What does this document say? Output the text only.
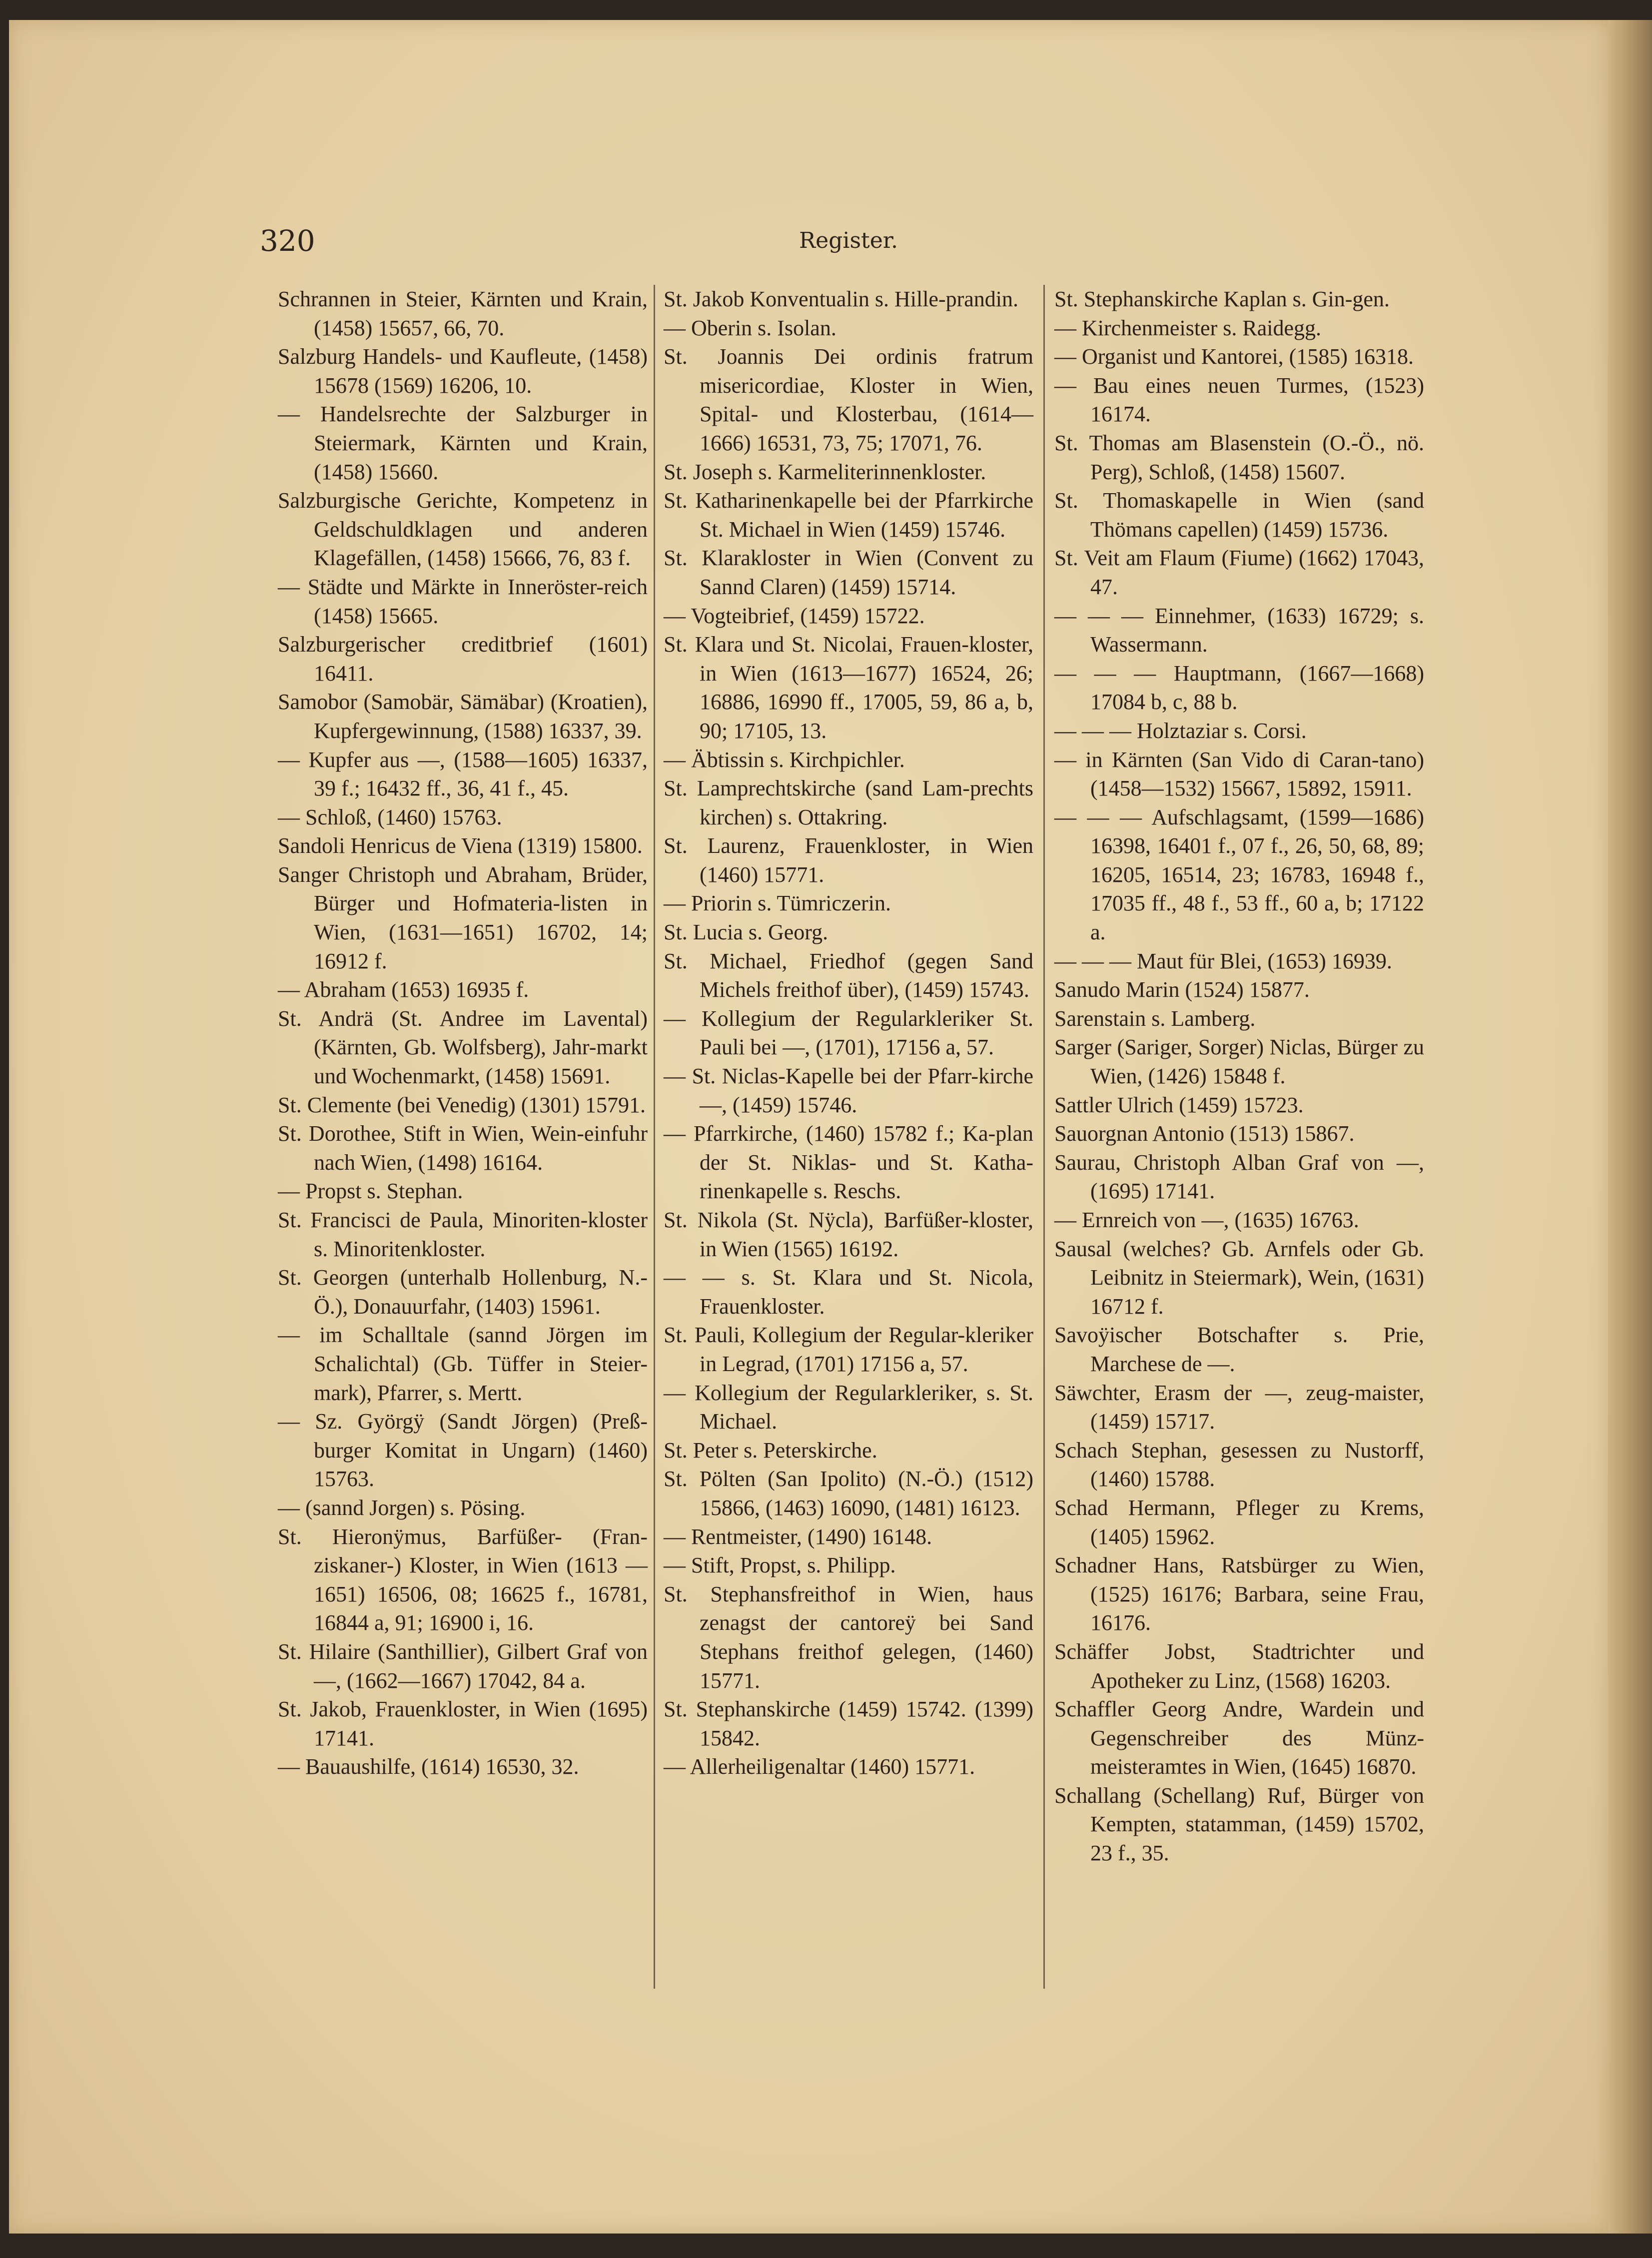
320	Register.

Schrannen in Steier, Kärnten und Krain, (1458) 15657, 66, 70.

Salzburg Handels- und Kaufleute, (1458) 15678 (1569) 16206, 10.

— Handelsrechte der Salzburger in Steiermark, Kärnten und Krain, (1458) 15660.

Salzburgische Gerichte, Kompetenz in Geldschuldklagen und anderen Klagefällen, (1458) 15666, 76, 83 f.

— Städte und Märkte in Inneröster-reich (1458) 15665.

Salzburgerischer creditbrief (1601) 16411.

Samobor (Samobär, Sämäbar) (Kroatien), Kupfergewinnung, (1588) 16337, 39.

— Kupfer aus —, (1588—1605) 16337, 39 f.; 16432 ff., 36, 41 f., 45.

— Schloß, (1460) 15763.

Sandoli Henricus de Viena (1319) 15800.

Sanger Christoph und Abraham, Brüder, Bürger und Hofmateria-listen in Wien, (1631—1651) 16702, 14; 16912 f.

— Abraham (1653) 16935 f.

St. Andrä (St. Andree im Lavental) (Kärnten, Gb. Wolfsberg), Jahr-markt und Wochenmarkt, (1458) 15691.

St. Clemente (bei Venedig) (1301) 15791.

St. Dorothee, Stift in Wien, Wein-einfuhr nach Wien, (1498) 16164.

— Propst s. Stephan.

St. Francisci de Paula, Minoriten-kloster s. Minoritenkloster.

St. Georgen (unterhalb Hollenburg, N.-Ö.), Donauurfahr, (1403) 15961.

— im Schalltale (sannd Jörgen im Schalichtal) (Gb. Tüffer in Steier-mark), Pfarrer, s. Mertt.

— Sz. Györgÿ (Sandt Jörgen) (Preß-burger Komitat in Ungarn) (1460) 15763.

— (sannd Jorgen) s. Pösing.

St. Hieronÿmus, Barfüßer- (Fran-ziskaner-) Kloster, in Wien (1613 —1651) 16506, 08; 16625 f., 16781, 16844 a, 91; 16900 i, 16.

St. Hilaire (Santhillier), Gilbert Graf von —, (1662—1667) 17042, 84 a.

St. Jakob, Frauenkloster, in Wien (1695) 17141.

— Bauaushilfe, (1614) 16530, 32.

St. Jakob Konventualin s. Hille-prandin.

— Oberin s. Isolan.

St. Joannis Dei ordinis fratrum misericordiae, Kloster in Wien, Spital- und Klosterbau, (1614—1666) 16531, 73, 75; 17071, 76.

St. Joseph s. Karmeliterinnenkloster.

St. Katharinenkapelle bei der Pfarrkirche St. Michael in Wien (1459) 15746.

St. Klarakloster in Wien (Convent zu Sannd Claren) (1459) 15714.

— Vogteibrief, (1459) 15722.

St. Klara und St. Nicolai, Frauen-kloster, in Wien (1613—1677) 16524, 26; 16886, 16990 ff., 17005, 59, 86 a, b, 90; 17105, 13.

— Äbtissin s. Kirchpichler.

St. Lamprechtskirche (sand Lam-prechts kirchen) s. Ottakring.

St. Laurenz, Frauenkloster, in Wien (1460) 15771.

— Priorin s. Tümriczerin.

St. Lucia s. Georg.

St. Michael, Friedhof (gegen Sand Michels freithof über), (1459) 15743.

— Kollegium der Regularkleriker St. Pauli bei —, (1701), 17156 a, 57.

— St. Niclas-Kapelle bei der Pfarr-kirche —, (1459) 15746.

— Pfarrkirche, (1460) 15782 f.; Ka-plan der St. Niklas- und St. Katha-rinenkapelle s. Reschs.

St. Nikola (St. Nÿcla), Barfüßer-kloster, in Wien (1565) 16192.

— — s. St. Klara und St. Nicola, Frauenkloster.

St. Pauli, Kollegium der Regular-kleriker in Legrad, (1701) 17156 a, 57.

— Kollegium der Regularkleriker, s. St. Michael.

St. Peter s. Peterskirche.

St. Pölten (San Ipolito) (N.-Ö.) (1512) 15866, (1463) 16090, (1481) 16123.

— Rentmeister, (1490) 16148.

— Stift, Propst, s. Philipp.

St. Stephansfreithof in Wien, haus zenagst der cantoreÿ bei Sand Stephans freithof gelegen, (1460) 15771.

St. Stephanskirche (1459) 15742. (1399) 15842.

— Allerheiligenaltar (1460) 15771.

St. Stephanskirche Kaplan s. Gin-gen.

— Kirchenmeister s. Raidegg.

— Organist und Kantorei, (1585) 16318.

— Bau eines neuen Turmes, (1523) 16174.

St. Thomas am Blasenstein (O.-Ö., nö. Perg), Schloß, (1458) 15607.

St. Thomaskapelle in Wien (sand Thömans capellen) (1459) 15736.

St. Veit am Flaum (Fiume) (1662) 17043, 47.

— — — Einnehmer, (1633) 16729; s. Wassermann.

— — — Hauptmann, (1667—1668) 17084 b, c, 88 b.

— — — Holztaziar s. Corsi.

— in Kärnten (San Vido di Caran-tano) (1458—1532) 15667, 15892, 15911.

— — — Aufschlagsamt, (1599—1686) 16398, 16401 f., 07 f., 26, 50, 68, 89; 16205, 16514, 23; 16783, 16948 f., 17035 ff., 48 f., 53 ff., 60 a, b; 17122 a.

— — — Maut für Blei, (1653) 16939.

Sanudo Marin (1524) 15877.

Sarenstain s. Lamberg.

Sarger (Sariger, Sorger) Niclas, Bürger zu Wien, (1426) 15848 f.

Sattler Ulrich (1459) 15723.

Sauorgnan Antonio (1513) 15867.

Saurau, Christoph Alban Graf von —, (1695) 17141.

— Ernreich von —, (1635) 16763.

Sausal (welches? Gb. Arnfels oder Gb. Leibnitz in Steiermark), Wein, (1631) 16712 f.

Savoÿischer Botschafter s. Prie, Marchese de —.

Säwchter, Erasm der —, zeug-maister, (1459) 15717.

Schach Stephan, gesessen zu Nustorff, (1460) 15788.

Schad Hermann, Pfleger zu Krems, (1405) 15962.

Schadner Hans, Ratsbürger zu Wien, (1525) 16176; Barbara, seine Frau, 16176.

Schäffer Jobst, Stadtrichter und Apotheker zu Linz, (1568) 16203.

Schaffler Georg Andre, Wardein und Gegenschreiber des Münz-meisteramtes in Wien, (1645) 16870.

Schallang (Schellang) Ruf, Bürger von Kempten, statamman, (1459) 15702, 23 f., 35.
